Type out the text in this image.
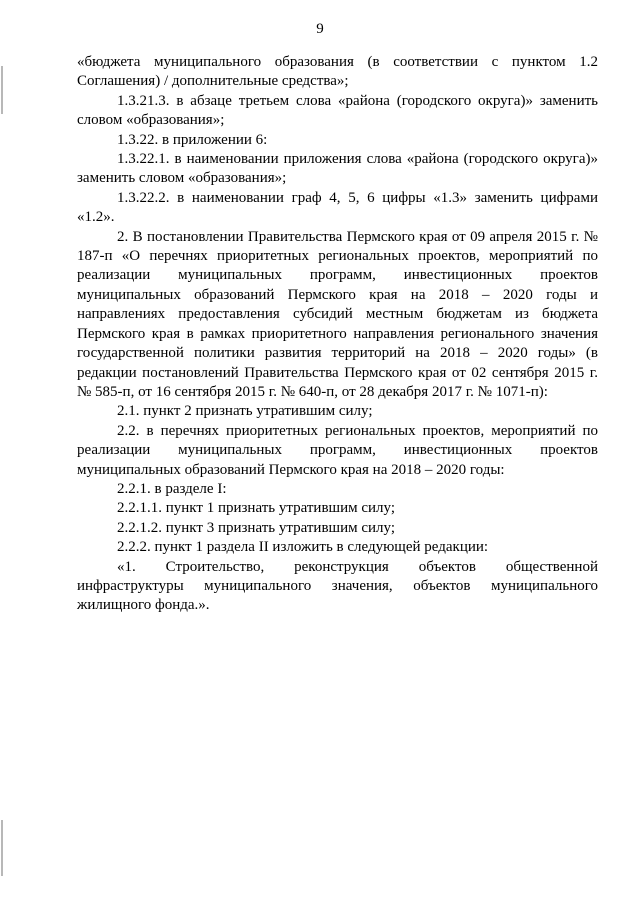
9

«бюджета муниципального образования (в соответствии с пунктом 1.2 Соглашения) / дополнительные средства»;

1.3.21.3. в абзаце третьем слова «района (городского округа)» заменить словом «образования»;

1.3.22. в приложении 6:

1.3.22.1. в наименовании приложения слова «района (городского округа)» заменить словом «образования»;

1.3.22.2. в наименовании граф 4, 5, 6 цифры «1.3» заменить цифрами «1.2».

2. В постановлении Правительства Пермского края от 09 апреля 2015 г. № 187-п «О перечнях приоритетных региональных проектов, мероприятий по реализации муниципальных программ, инвестиционных проектов муниципальных образований Пермского края на 2018 – 2020 годы и направлениях предоставления субсидий местным бюджетам из бюджета Пермского края в рамках приоритетного направления регионального значения государственной политики развития территорий на 2018 – 2020 годы» (в редакции постановлений Правительства Пермского края от 02 сентября 2015 г. № 585-п, от 16 сентября 2015 г. № 640-п, от 28 декабря 2017 г. № 1071-п):

2.1. пункт 2 признать утратившим силу;

2.2. в перечнях приоритетных региональных проектов, мероприятий по реализации муниципальных программ, инвестиционных проектов муниципальных образований Пермского края на 2018 – 2020 годы:

2.2.1. в разделе I:

2.2.1.1. пункт 1 признать утратившим силу;

2.2.1.2. пункт 3 признать утратившим силу;

2.2.2. пункт 1 раздела II изложить в следующей редакции:

«1. Строительство, реконструкция объектов общественной инфраструктуры муниципального значения, объектов муниципального жилищного фонда.».
